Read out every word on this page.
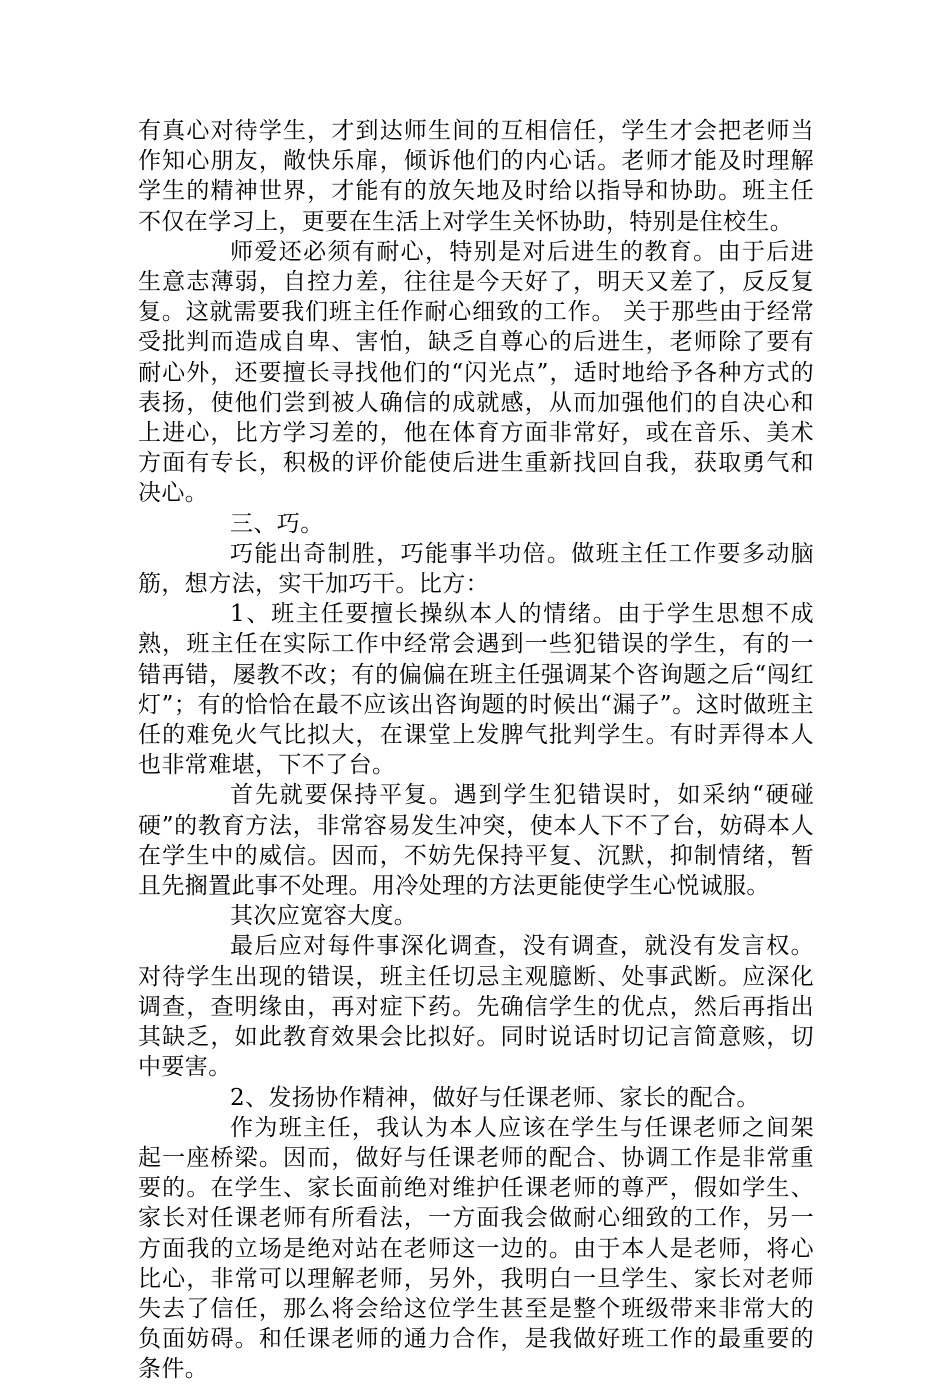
有真心对待学生，才到达师生间的互相信任，学生才会把老师当作知心朋友，敞快乐扉，倾诉他们的内心话。老师才能及时理解学生的精神世界，才能有的放矢地及时给以指导和协助。班主任不仅在学习上，更要在生活上对学生关怀协助，特别是住校生。

师爱还必须有耐心，特别是对后进生的教育。由于后进生意志薄弱，自控力差，往往是今天好了，明天又差了，反反复复。这就需要我们班主任作耐心细致的工作。 关于那些由于经常受批判而造成自卑、害怕，缺乏自尊心的后进生，老师除了要有耐心外，还要擅长寻找他们的“闪光点”，适时地给予各种方式的表扬，使他们尝到被人确信的成就感，从而加强他们的自决心和上进心，比方学习差的，他在体育方面非常好，或在音乐、美术方面有专长，积极的评价能使后进生重新找回自我，获取勇气和决心。

三、巧。

巧能出奇制胜，巧能事半功倍。做班主任工作要多动脑筋，想方法，实干加巧干。比方：

1、班主任要擅长操纵本人的情绪。由于学生思想不成熟，班主任在实际工作中经常会遇到一些犯错误的学生，有的一错再错，屡教不改；有的偏偏在班主任强调某个咨询题之后“闯红灯”；有的恰恰在最不应该出咨询题的时候出“漏子”。这时做班主任的难免火气比拟大，在课堂上发脾气批判学生。有时弄得本人也非常难堪，下不了台。

首先就要保持平复。遇到学生犯错误时，如采纳“硬碰硬”的教育方法，非常容易发生冲突，使本人下不了台，妨碍本人在学生中的威信。因而，不妨先保持平复、沉默，抑制情绪，暂且先搁置此事不处理。用冷处理的方法更能使学生心悦诚服。

其次应宽容大度。

最后应对每件事深化调查，没有调查，就没有发言权。对待学生出现的错误，班主任切忌主观臆断、处事武断。应深化调查，查明缘由，再对症下药。先确信学生的优点，然后再指出其缺乏，如此教育效果会比拟好。同时说话时切记言简意赅，切中要害。

2、发扬协作精神，做好与任课老师、家长的配合。

作为班主任，我认为本人应该在学生与任课老师之间架起一座桥梁。因而，做好与任课老师的配合、协调工作是非常重要的。在学生、家长面前绝对维护任课老师的尊严，假如学生、家长对任课老师有所看法，一方面我会做耐心细致的工作，另一方面我的立场是绝对站在老师这一边的。由于本人是老师，将心比心，非常可以理解老师，另外，我明白一旦学生、家长对老师失去了信任，那么将会给这位学生甚至是整个班级带来非常大的负面妨碍。和任课老师的通力合作，是我做好班工作的最重要的条件。
